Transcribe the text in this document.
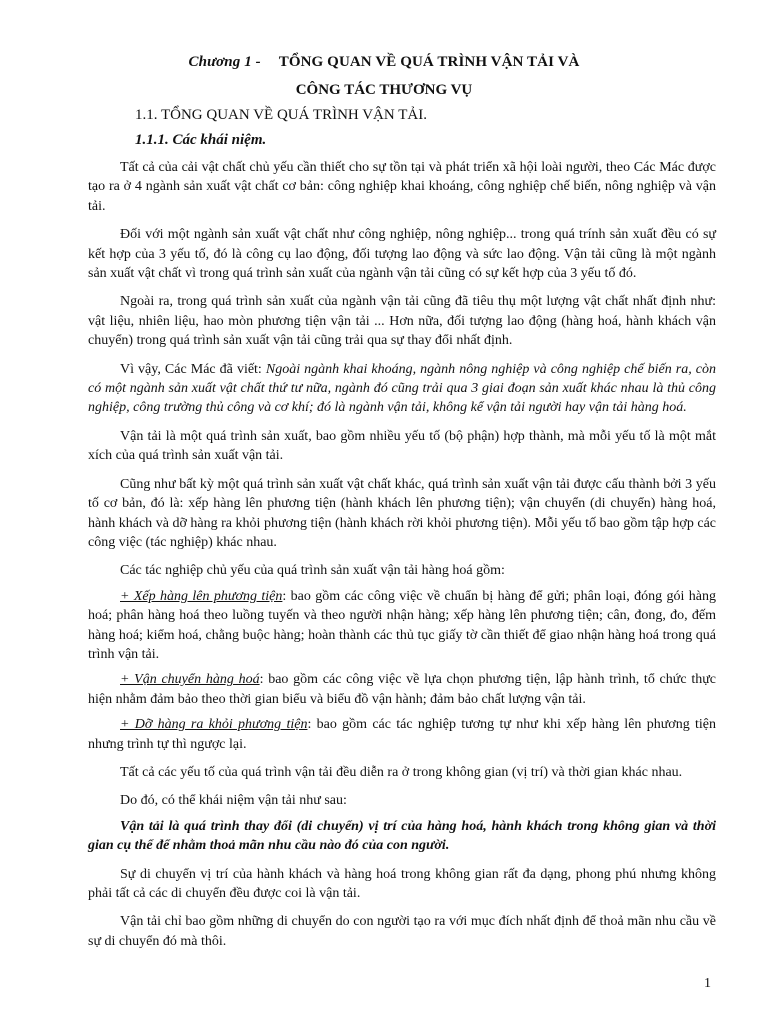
Chương 1 - TỔNG QUAN VỀ QUÁ TRÌNH VẬN TẢI VÀ
CÔNG TÁC THƯƠNG VỤ
1.1. TỔNG QUAN VỀ QUÁ TRÌNH VẬN TẢI.
1.1.1. Các khái niệm.

Tất cả của cải vật chất chủ yếu cần thiết cho sự tồn tại và phát triển xã hội loài người, theo Các Mác được tạo ra ở 4 ngành sản xuất vật chất cơ bản: công nghiệp khai khoáng, công nghiệp chế biến, nông nghiệp và vận tải.

Đối với một ngành sản xuất vật chất như công nghiệp, nông nghiệp... trong quá trính sản xuất đều có sự kết hợp của 3 yếu tố, đó là công cụ lao động, đối tượng lao động và sức lao động. Vận tải cũng là một ngành sản xuất vật chất vì trong quá trình sản xuất của ngành vận tải cũng có sự kết hợp của 3 yếu tố đó.

Ngoài ra, trong quá trình sản xuất của ngành vận tải cũng đã tiêu thụ một lượng vật chất nhất định như: vật liệu, nhiên liệu, hao mòn phương tiện vận tải ... Hơn nữa, đối tượng lao động (hàng hoá, hành khách vận chuyển) trong quá trình sản xuất vận tải cũng trải qua sự thay đổi nhất định.

Vì vậy, Các Mác đã viết: Ngoài ngành khai khoáng, ngành nông nghiệp và công nghiệp chế biến ra, còn có một ngành sản xuất vật chất thứ tư nữa, ngành đó cũng trải qua 3 giai đoạn sản xuất khác nhau là thủ công nghiệp, công trường thủ công và cơ khí; đó là ngành vận tải, không kể vận tải người hay vận tải hàng hoá.

Vận tải là một quá trình sản xuất, bao gồm nhiều yếu tố (bộ phận) hợp thành, mà mỗi yếu tố là một mắt xích của quá trình sản xuất vận tải.

Cũng như bất kỳ một quá trình sản xuất vật chất khác, quá trình sản xuất vận tải được cấu thành bởi 3 yếu tố cơ bản, đó là: xếp hàng lên phương tiện (hành khách lên phương tiện); vận chuyển (di chuyển) hàng hoá, hành khách và dỡ hàng ra khỏi phương tiện (hành khách rời khỏi phương tiện). Mỗi yếu tố bao gồm tập hợp các công việc (tác nghiệp) khác nhau.

Các tác nghiệp chủ yếu của quá trình sản xuất vận tải hàng hoá gồm:

+ Xếp hàng lên phương tiện: bao gồm các công việc về chuẩn bị hàng để gửi; phân loại, đóng gói hàng hoá; phân hàng hoá theo luồng tuyến và theo người nhận hàng; xếp hàng lên phương tiện; cân, đong, đo, đếm hàng hoá; kiểm hoá, chằng buộc hàng; hoàn thành các thủ tục giấy tờ cần thiết để giao nhận hàng hoá trong quá trình vận tải.

+ Vận chuyển hàng hoá: bao gồm các công việc về lựa chọn phương tiện, lập hành trình, tổ chức thực hiện nhằm đảm bảo theo thời gian biểu và biểu đồ vận hành; đảm bảo chất lượng vận tải.

+ Dỡ hàng ra khỏi phương tiện: bao gồm các tác nghiệp tương tự như khi xếp hàng lên phương tiện nhưng trình tự thì ngược lại.

Tất cả các yếu tố của quá trình vận tải đều diễn ra ở trong không gian (vị trí) và thời gian khác nhau.

Do đó, có thể khái niệm vận tải như sau:

Vận tải là quá trình thay đổi (di chuyển) vị trí của hàng hoá, hành khách trong không gian và thời gian cụ thể để nhằm thoả mãn nhu cầu nào đó của con người.

Sự di chuyển vị trí của hành khách và hàng hoá trong không gian rất đa dạng, phong phú nhưng không phải tất cả các di chuyển đều được coi là vận tải.

Vận tải chỉ bao gồm những di chuyển do con người tạo ra với mục đích nhất định để thoả mãn nhu cầu về sự di chuyển đó mà thôi.

1
